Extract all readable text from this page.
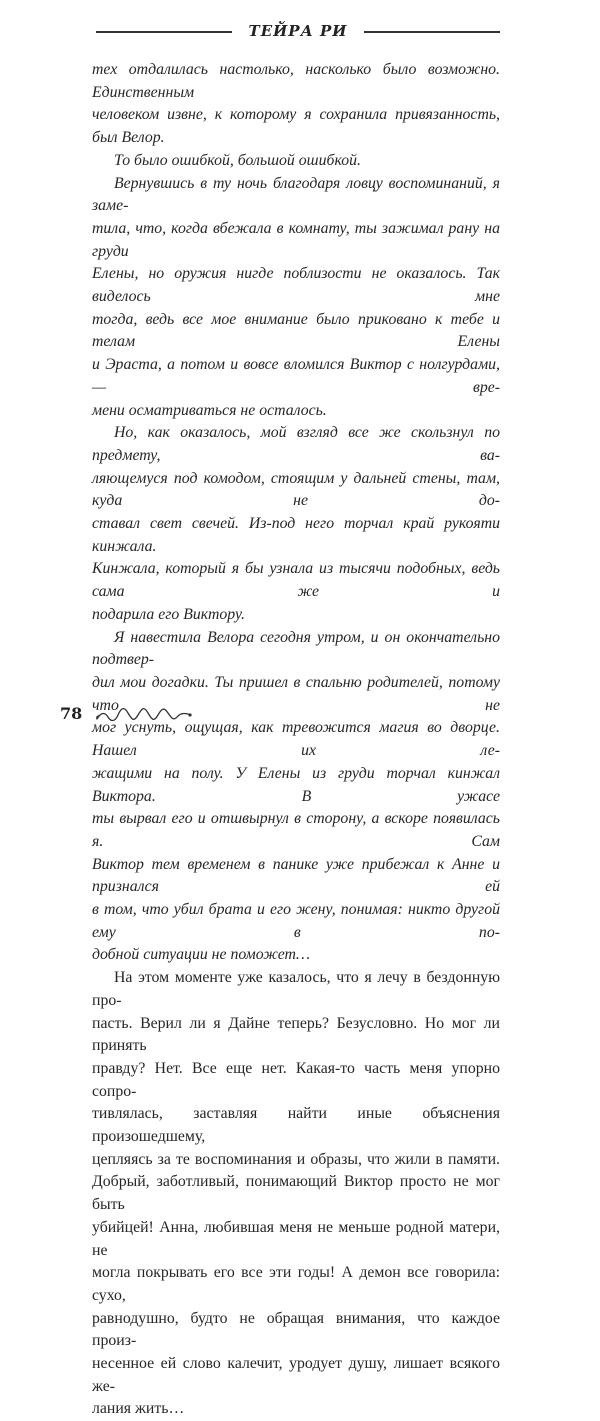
ТЕЙРА РИ

тех отдалилась настолько, насколько было возможно. Единственным

человеком извне, к которому я сохранила привязанность, был Велор.

То было ошибкой, большой ошибкой.

Вернувшись в ту ночь благодаря ловцу воспоминаний, я заме-

тила, что, когда вбежала в комнату, ты зажимал рану на груди

Елены, но оружия нигде поблизости не оказалось. Так виделось мне

тогда, ведь все мое внимание было приковано к тебе и телам Елены

и Эраста, а потом и вовсе вломился Виктор с нолгурдами, — вре-

мени осматриваться не осталось.

Но, как оказалось, мой взгляд все же скользнул по предмету, ва-

ляющемуся под комодом, стоящим у дальней стены, там, куда не до-

ставал свет свечей. Из-под него торчал край рукояти кинжала.

Кинжала, который я бы узнала из тысячи подобных, ведь сама же и

подарила его Виктору.

Я навестила Велора сегодня утром, и он окончательно подтвер-

дил мои догадки. Ты пришел в спальню родителей, потому что не

мог уснуть, ощущая, как тревожится магия во дворце. Нашел их ле-

жащими на полу. У Елены из груди торчал кинжал Виктора. В ужасе

ты вырвал его и отшвырнул в сторону, а вскоре появилась я. Сам

Виктор тем временем в панике уже прибежал к Анне и признался ей

в том, что убил брата и его жену, понимая: никто другой ему в по-

добной ситуации не поможет…

На этом моменте уже казалось, что я лечу в бездонную про-

пасть. Верил ли я Дайне теперь? Безусловно. Но мог ли принять

правду? Нет. Все еще нет. Какая-то часть меня упорно сопро-

тивлялась, заставляя найти иные объяснения произошедшему,

цепляясь за те воспоминания и образы, что жили в памяти.

Добрый, заботливый, понимающий Виктор просто не мог быть

убийцей! Анна, любившая меня не меньше родной матери, не

могла покрывать его все эти годы! А демон все говорила: сухо,

равнодушно, будто не обращая внимания, что каждое произ-

несенное ей слово калечит, уродует душу, лишает всякого же-

лания жить…

78
